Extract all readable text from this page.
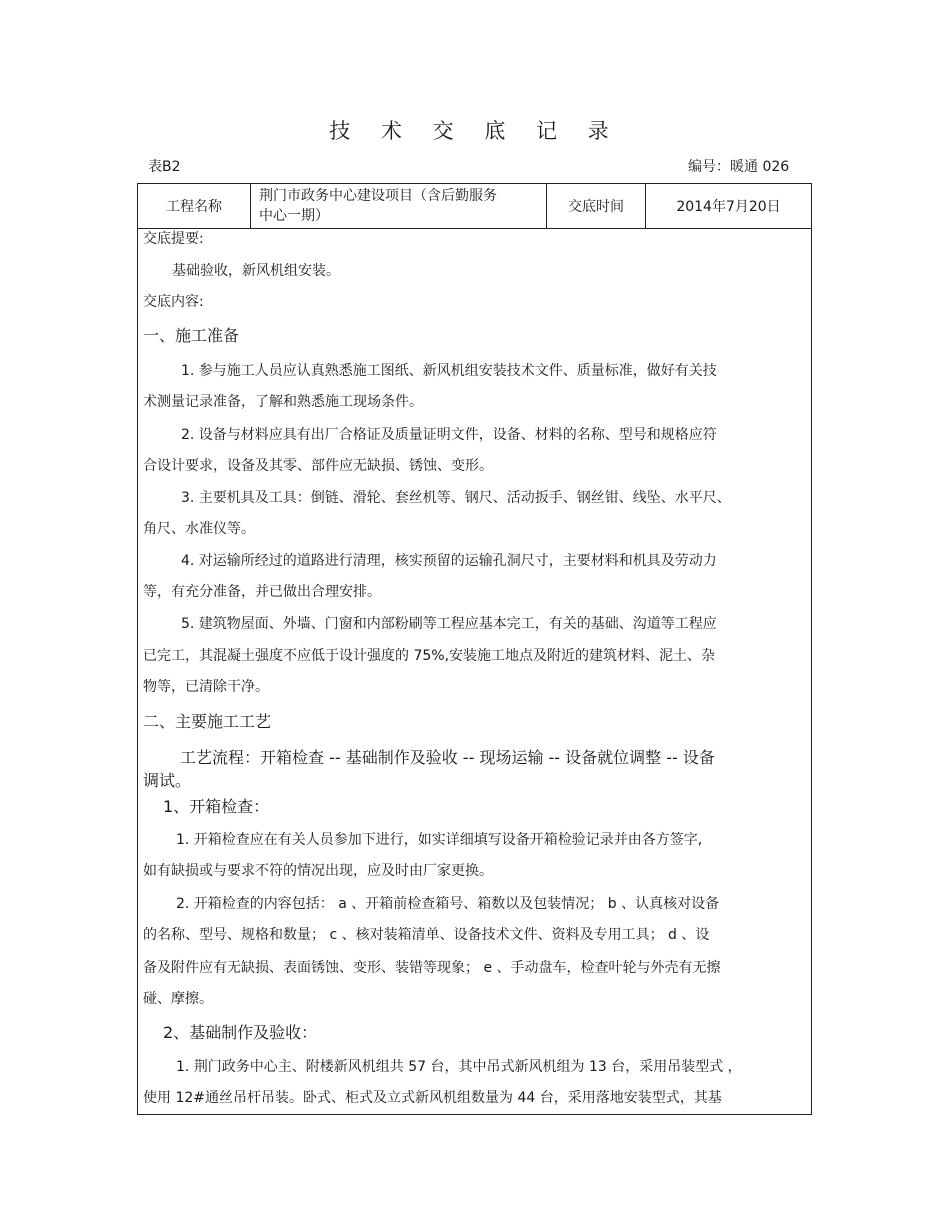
技 术 交 底 记 录
表B2	编号：暖通 026
工程名称
荆门市政务中心建设项目（含后勤服务
中心一期）
交底时间	2014年7月20日
交底提要:
基础验收，新风机组安装。
交底内容:
一、施工准备
1. 参与施工人员应认真熟悉施工图纸、新风机组安装技术文件、质量标准，做好有关技
术测量记录准备，了解和熟悉施工现场条件。
2. 设备与材料应具有出厂合格证及质量证明文件，设备、材料的名称、型号和规格应符
合设计要求，设备及其零、部件应无缺损、锈蚀、变形。
3. 主要机具及工具：倒链、滑轮、套丝机等、钢尺、活动扳手、钢丝钳、线坠、水平尺、
角尺、水准仪等。
4. 对运输所经过的道路进行清理，核实预留的运输孔洞尺寸，主要材料和机具及劳动力
等，有充分准备，并已做出合理安排。
5. 建筑物屋面、外墙、门窗和内部粉刷等工程应基本完工，有关的基础、沟道等工程应
已完工，其混凝土强度不应低于设计强度的 75%,安装施工地点及附近的建筑材料、泥土、杂
物等，已清除干净。
二、主要施工工艺
工艺流程：开箱检查 -- 基础制作及验收 -- 现场运输 -- 设备就位调整 -- 设备
调试。
1、开箱检查：
1. 开箱检查应在有关人员参加下进行，如实详细填写设备开箱检验记录并由各方签字,
如有缺损或与要求不符的情况出现，应及时由厂家更换。
2. 开箱检查的内容包括： a 、开箱前检查箱号、箱数以及包装情况； b 、认真核对设备
的名称、型号、规格和数量； c 、核对装箱清单、设备技术文件、资料及专用工具； d 、设
备及附件应有无缺损、表面锈蚀、变形、装错等现象； e 、手动盘车，检查叶轮与外壳有无擦
碰、摩擦。
2、基础制作及验收：
1. 荆门政务中心主、附楼新风机组共 57 台，其中吊式新风机组为 13 台，采用吊装型式 ，
使用 12#通丝吊杆吊装。卧式、柜式及立式新风机组数量为 44 台，采用落地安装型式，其基
